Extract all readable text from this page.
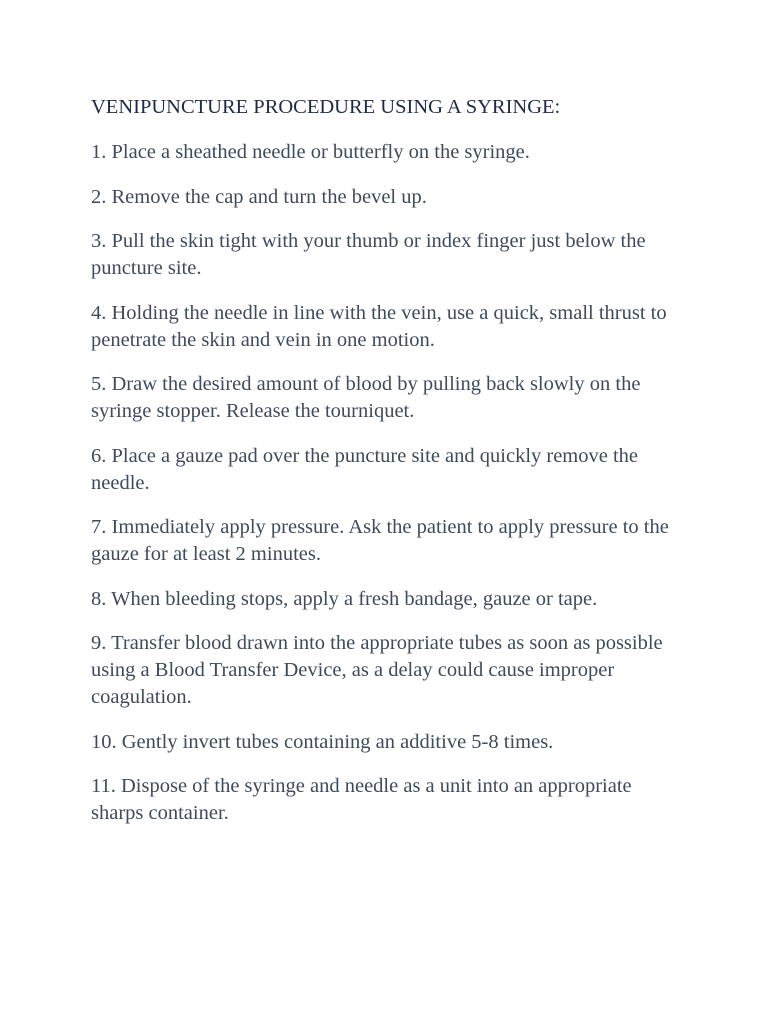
VENIPUNCTURE PROCEDURE USING A SYRINGE:
1. Place a sheathed needle or butterfly on the syringe.
2. Remove the cap and turn the bevel up.
3. Pull the skin tight with your thumb or index finger just below the puncture site.
4. Holding the needle in line with the vein, use a quick, small thrust to penetrate the skin and vein in one motion.
5. Draw the desired amount of blood by pulling back slowly on the syringe stopper. Release the tourniquet.
6. Place a gauze pad over the puncture site and quickly remove the needle.
7. Immediately apply pressure. Ask the patient to apply pressure to the gauze for at least 2 minutes.
8. When bleeding stops, apply a fresh bandage, gauze or tape.
9. Transfer blood drawn into the appropriate tubes as soon as possible using a Blood Transfer Device, as a delay could cause improper coagulation.
10. Gently invert tubes containing an additive 5-8 times.
11. Dispose of the syringe and needle as a unit into an appropriate sharps container.
